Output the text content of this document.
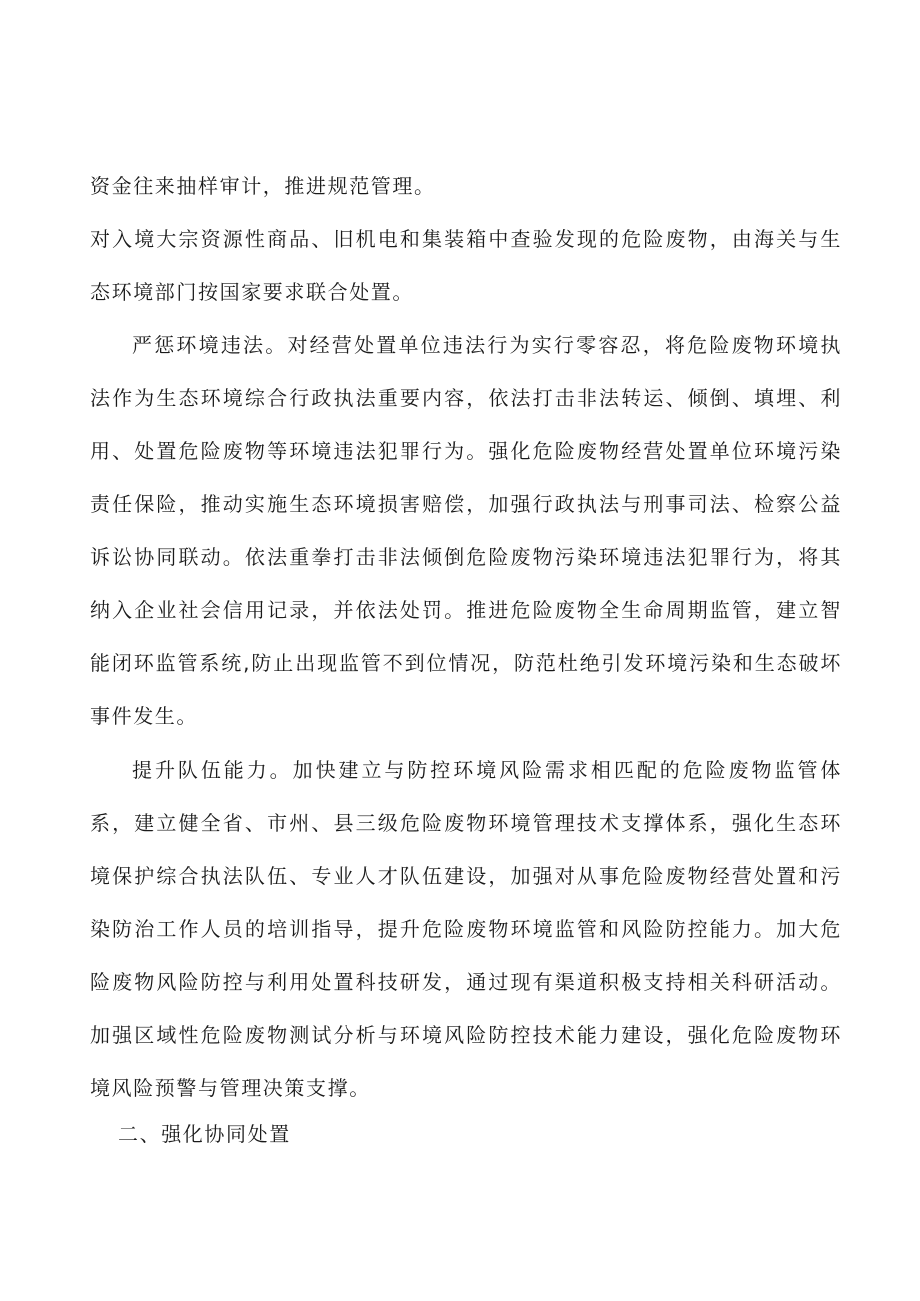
资金往来抽样审计，推进规范管理。

对入境大宗资源性商品、旧机电和集装箱中查验发现的危险废物，由海关与生态环境部门按国家要求联合处置。

严惩环境违法。对经营处置单位违法行为实行零容忍，将危险废物环境执法作为生态环境综合行政执法重要内容，依法打击非法转运、倾倒、填埋、利用、处置危险废物等环境违法犯罪行为。强化危险废物经营处置单位环境污染责任保险，推动实施生态环境损害赔偿，加强行政执法与刑事司法、检察公益诉讼协同联动。依法重拳打击非法倾倒危险废物污染环境违法犯罪行为，将其纳入企业社会信用记录，并依法处罚。推进危险废物全生命周期监管，建立智能闭环监管系统,防止出现监管不到位情况，防范杜绝引发环境污染和生态破坏事件发生。

提升队伍能力。加快建立与防控环境风险需求相匹配的危险废物监管体系，建立健全省、市州、县三级危险废物环境管理技术支撑体系，强化生态环境保护综合执法队伍、专业人才队伍建设，加强对从事危险废物经营处置和污染防治工作人员的培训指导，提升危险废物环境监管和风险防控能力。加大危险废物风险防控与利用处置科技研发，通过现有渠道积极支持相关科研活动。加强区域性危险废物测试分析与环境风险防控技术能力建设，强化危险废物环境风险预警与管理决策支撑。

二、强化协同处置
